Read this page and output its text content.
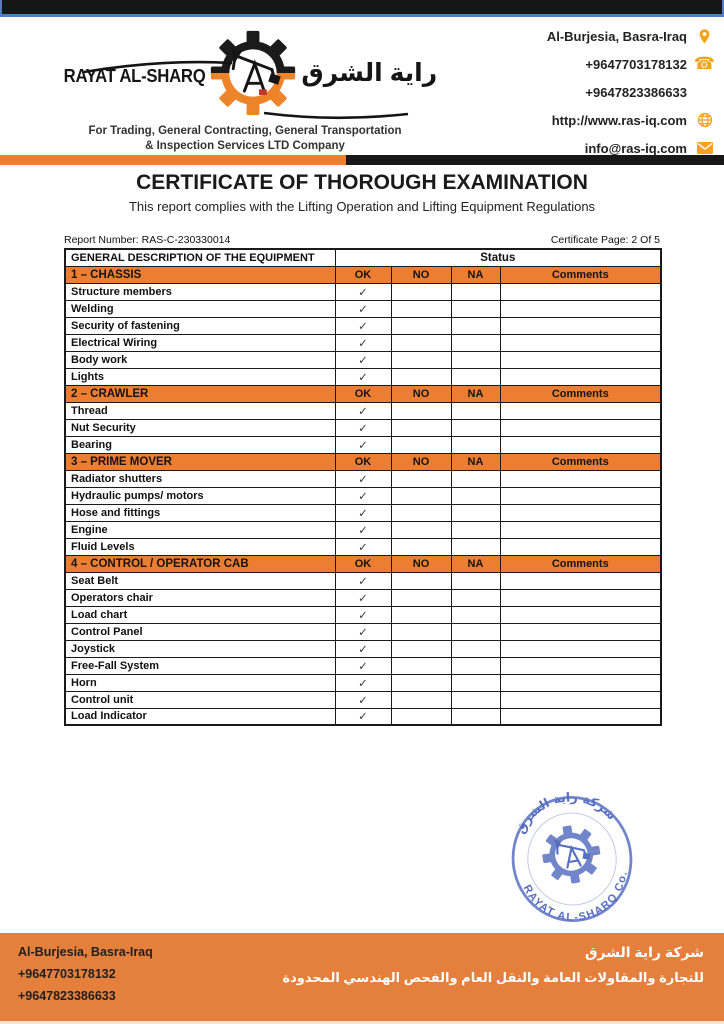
RAYAT AL-SHARQ	راية الشرق
For Trading, General Contracting, General Transportation
& Inspection Services LTD Company
Al-Burjesia, Basra-Iraq
+9647703178132 ☎
+9647823386633
http://www.ras-iq.com
info@ras-iq.com
CERTIFICATE OF THOROUGH EXAMINATION
This report complies with the Lifting Operation and Lifting Equipment Regulations
Report Number: RAS-C-230330014	Certificate Page: 2 Of 5
GENERAL DESCRIPTION OF THE EQUIPMENT	Status			
1 – CHASSIS	OK	NO	NA	Comments
Structure members	✓			
Welding	✓			
Security of fastening	✓			
Electrical Wiring	✓			
Body work	✓			
Lights	✓			
2 – CRAWLER	OK	NO	NA	Comments
Thread	✓			
Nut Security	✓			
Bearing	✓			
3 – PRIME MOVER	OK	NO	NA	Comments
Radiator shutters	✓			
Hydraulic pumps/ motors	✓			
Hose and fittings	✓			
Engine	✓			
Fluid Levels	✓			
4 – CONTROL / OPERATOR CAB	OK	NO	NA	Comments
Seat Belt	✓			
Operators chair	✓			
Load chart	✓			
Control Panel	✓			
Joystick	✓			
Free-Fall System	✓			
Horn	✓			
Control unit	✓			
Load Indicator	✓			
شركة راية الشرق
RAYAT AL-SHARQ Co.
Al-Burjesia, Basra-Iraq
+9647703178132
+9647823386633
شركة راية الشرق
للتجارة والمقاولات العامة والنقل العام والفحص الهندسي المحدودة
